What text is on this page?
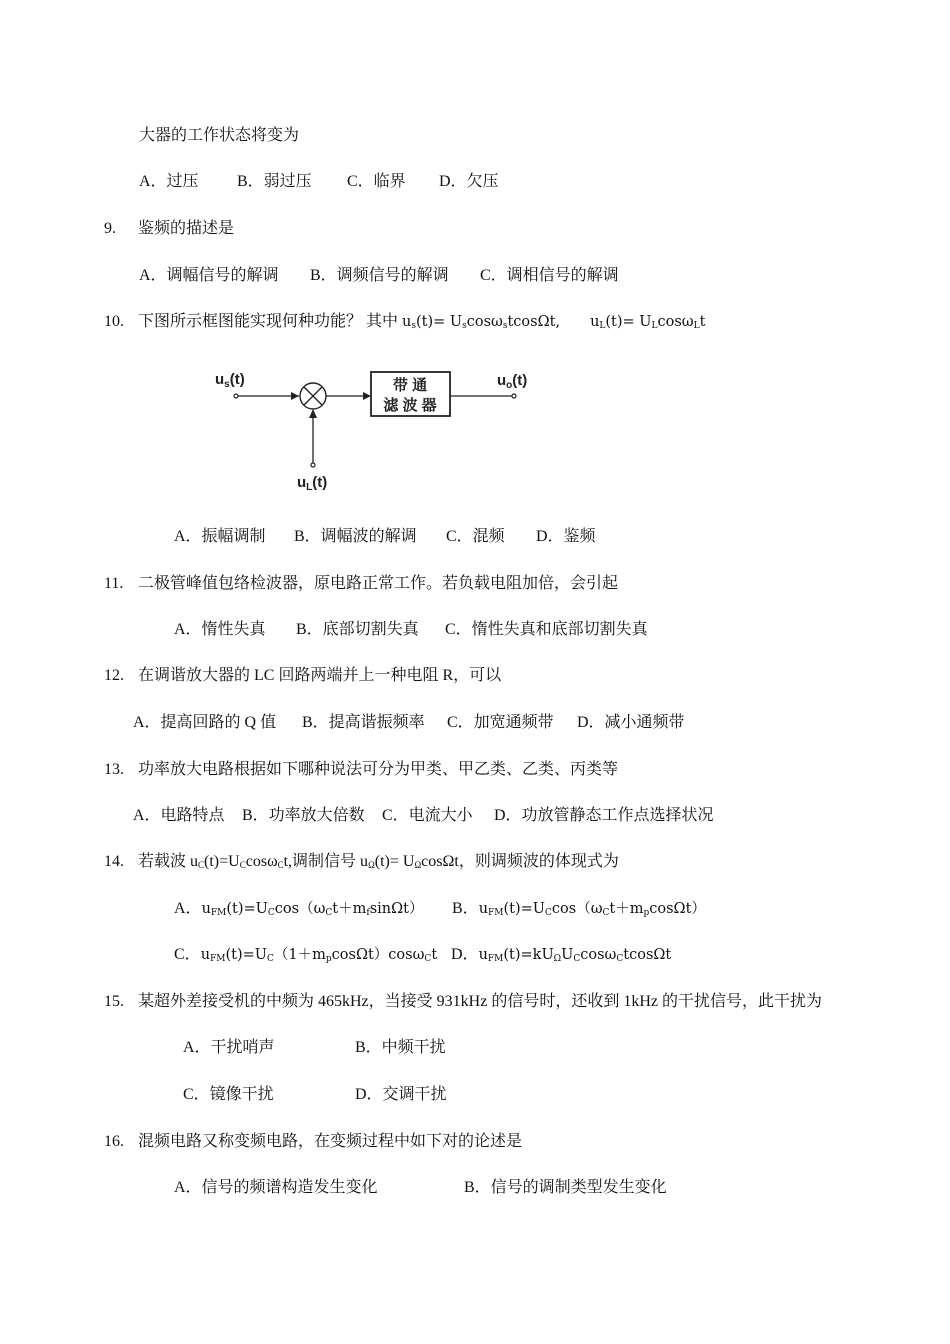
大器的工作状态将变为
A．过压 B．弱过压 C．临界 D．欠压
9. 鉴频的描述是
A．调幅信号的解调 B．调频信号的解调 C．调相信号的解调
10. 下图所示框图能实现何种功能？ 其中 $u_s(t)= U_s\cos\omega_stcos\Omega t$, $u_L(t)= U_L\cos\omega_Lt$
$u_s(t)$	带 通
滤 波 器
$u_o(t)$
$u_L(t)$
A．振幅调制 B．调幅波的解调 C．混频 D．鉴频
11. 二极管峰值包络检波器，原电路正常工作。若负载电阻加倍，会引起
A．惰性失真 B．底部切割失真 C．惰性失真和底部切割失真
12. 在调谐放大器的 LC 回路两端并上一种电阻 R，可以
A．提高回路的 Q 值 B．提高谐振频率 C．加宽通频带 D．减小通频带
13. 功率放大电路根据如下哪种说法可分为甲类、甲乙类、乙类、丙类等
A．电路特点 B．功率放大倍数 C．电流大小 D．功放管静态工作点选择状况
14. 若载波 $u_C(t)=U_C\cos\omega_Ct$,调制信号 $u_\Omega(t)= U_\Omega\cos\Omega t$，则调频波的体现式为
A．$u_{FM}(t)=U_C\cos(\omega_Ct+m_f\sin\Omega t)$ B．$u_{FM}(t)=U_C\cos(\omega_Ct+m_p\cos\Omega t)$
C．$u_{FM}(t)=U_C(1+m_p\cos\Omega t)\cos\omega_Ct$ D．$u_{FM}(t)=kU_\Omega U_C\cos\omega_Ctcos\Omega t$
15. 某超外差接受机的中频为 465kHz，当接受 931kHz 的信号时，还收到 1kHz 的干扰信号，此干扰为
A．干扰哨声	B．中频干扰
C．镜像干扰	D．交调干扰
16. 混频电路又称变频电路，在变频过程中如下对的论述是
A．信号的频谱构造发生变化	B．信号的调制类型发生变化
